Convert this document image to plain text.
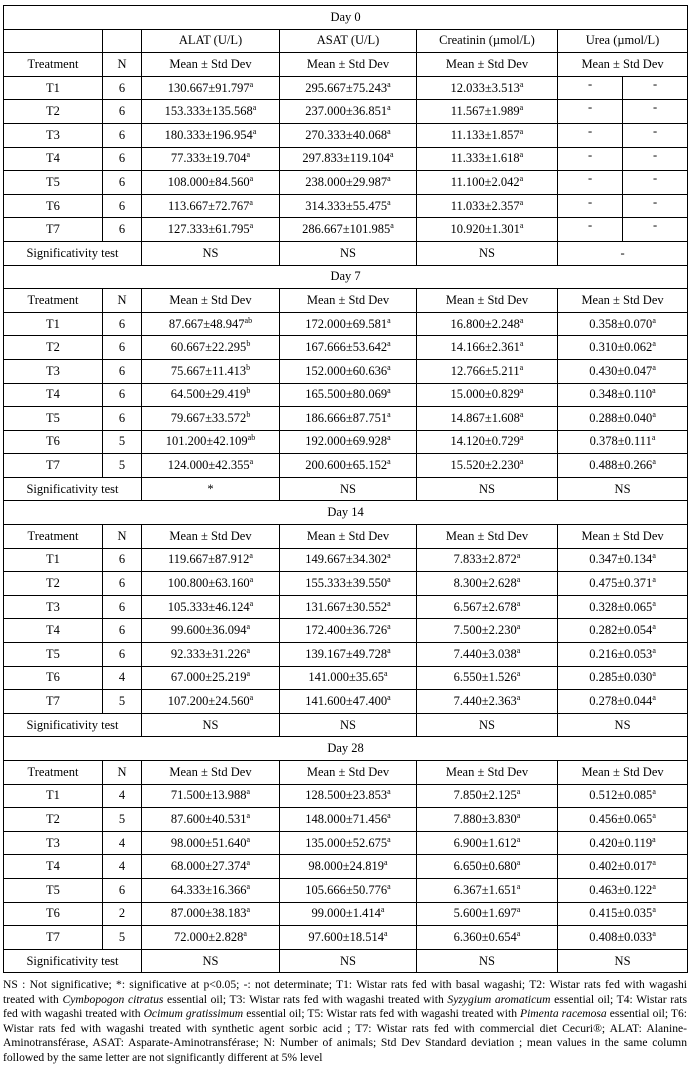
Day 0					
		ALAT (U/L)	ASAT (U/L)	Creatinin (µmol/L)	Urea (µmol/L)
Treatment	N	Mean ± Std Dev	Mean ± Std Dev	Mean ± Std Dev	Mean ± Std Dev
T1	6	130.667±91.797$^a$	295.667±75.243$^a$	12.033±3.513$^a$	- -

T2	6	153.333±135.568$^a$	237.000±36.851$^a$	11.567±1.989$^a$	- -

T3	6	180.333±196.954$^a$	270.333±40.068$^a$	11.133±1.857$^a$	- -

T4	6	77.333±19.704$^a$	297.833±119.104$^a$	11.333±1.618$^a$	- -

T5	6	108.000±84.560$^a$	238.000±29.987$^a$	11.100±2.042$^a$	- -

T6	6	113.667±72.767$^a$	314.333±55.475$^a$	11.033±2.357$^a$	- -

T7	6	127.333±61.795$^a$	286.667±101.985$^a$	10.920±1.301$^a$	- -

Significativity test		NS	NS	NS	-
Day 7					
Treatment	N	Mean ± Std Dev	Mean ± Std Dev	Mean ± Std Dev	Mean ± Std Dev
T1	6	87.667±48.947$^{ab}$	172.000±69.581$^a$	16.800±2.248$^a$	0.358±0.070$^a$
T2	6	60.667±22.295$^b$	167.666±53.642$^a$	14.166±2.361$^a$	0.310±0.062$^a$
T3	6	75.667±11.413$^b$	152.000±60.636$^a$	12.766±5.211$^a$	0.430±0.047$^a$
T4	6	64.500±29.419$^b$	165.500±80.069$^a$	15.000±0.829$^a$	0.348±0.110$^a$
T5	6	79.667±33.572$^b$	186.666±87.751$^a$	14.867±1.608$^a$	0.288±0.040$^a$
T6	5	101.200±42.109$^{ab}$	192.000±69.928$^a$	14.120±0.729$^a$	0.378±0.111$^a$
T7	5	124.000±42.355$^a$	200.600±65.152$^a$	15.520±2.230$^a$	0.488±0.266$^a$
Significativity test		*	NS	NS	NS
Day 14					
Treatment	N	Mean ± Std Dev	Mean ± Std Dev	Mean ± Std Dev	Mean ± Std Dev
T1	6	119.667±87.912$^a$	149.667±34.302$^a$	7.833±2.872$^a$	0.347±0.134$^a$
T2	6	100.800±63.160$^a$	155.333±39.550$^a$	8.300±2.628$^a$	0.475±0.371$^a$
T3	6	105.333±46.124$^a$	131.667±30.552$^a$	6.567±2.678$^a$	0.328±0.065$^a$
T4	6	99.600±36.094$^a$	172.400±36.726$^a$	7.500±2.230$^a$	0.282±0.054$^a$
T5	6	92.333±31.226$^a$	139.167±49.728$^a$	7.440±3.038$^a$	0.216±0.053$^a$
T6	4	67.000±25.219$^a$	141.000±35.65$^a$	6.550±1.526$^a$	0.285±0.030$^a$
T7	5	107.200±24.560$^a$	141.600±47.400$^a$	7.440±2.363$^a$	0.278±0.044$^a$
Significativity test		NS	NS	NS	NS
Day 28					
Treatment	N	Mean ± Std Dev	Mean ± Std Dev	Mean ± Std Dev	Mean ± Std Dev
T1	4	71.500±13.988$^a$	128.500±23.853$^a$	7.850±2.125$^a$	0.512±0.085$^a$
T2	5	87.600±40.531$^a$	148.000±71.456$^a$	7.880±3.830$^a$	0.456±0.065$^a$
T3	4	98.000±51.640$^a$	135.000±52.675$^a$	6.900±1.612$^a$	0.420±0.119$^a$
T4	4	68.000±27.374$^a$	98.000±24.819$^a$	6.650±0.680$^a$	0.402±0.017$^a$
T5	6	64.333±16.366$^a$	105.666±50.776$^a$	6.367±1.651$^a$	0.463±0.122$^a$
T6	2	87.000±38.183$^a$	99.000±1.414$^a$	5.600±1.697$^a$	0.415±0.035$^a$
T7	5	72.000±2.828$^a$	97.600±18.514$^a$	6.360±0.654$^a$	0.408±0.033$^a$
Significativity test		NS	NS	NS	NS
NS : Not significative; *: significative at p<0.05; -: not determinate; T1: Wistar rats fed with basal wagashi; T2: Wistar rats fed with wagashi treated with Cymbopogon citratus essential oil; T3: Wistar rats fed with wagashi treated with Syzygium aromaticum essential oil; T4: Wistar rats fed with wagashi treated with Ocimum gratissimum essential oil; T5: Wistar rats fed with wagashi treated with Pimenta racemosa essential oil; T6: Wistar rats fed with wagashi treated with synthetic agent sorbic acid ; T7: Wistar rats fed with commercial diet Cecuri®; ALAT: Alanine-Aminotransférase, ASAT: Asparate-Aminotransférase; N: Number of animals; Std Dev Standard deviation ; mean values in the same column followed by the same letter are not significantly different at 5% level
